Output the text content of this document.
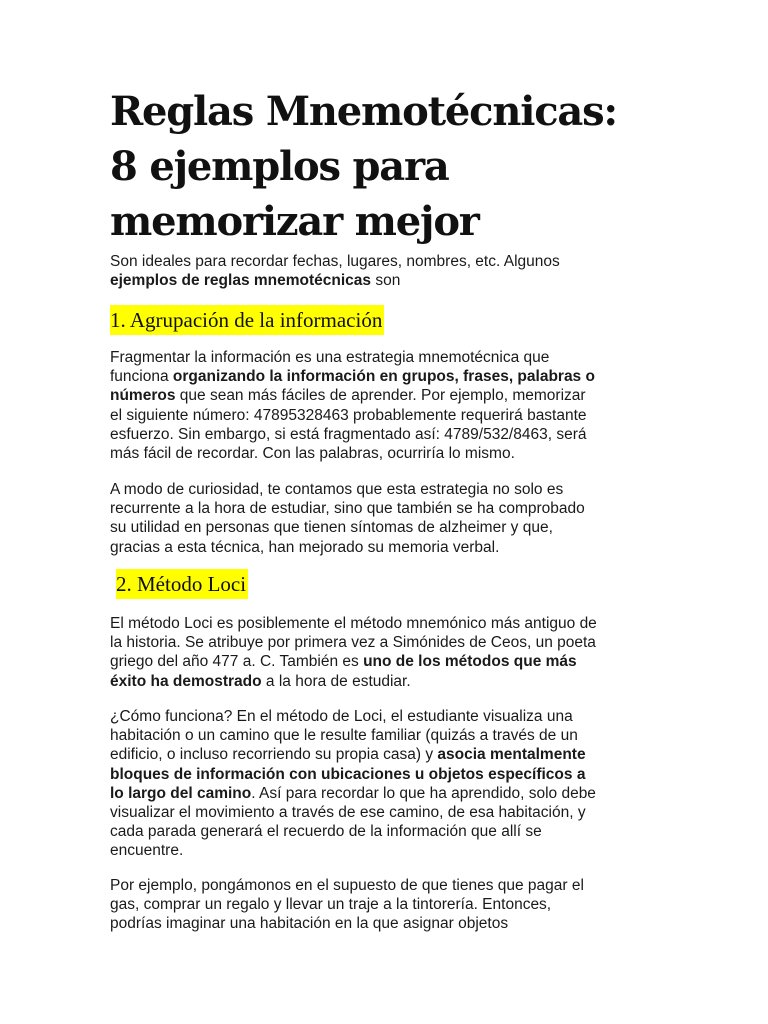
Reglas Mnemotécnicas:
8 ejemplos para
memorizar mejor
Son ideales para recordar fechas, lugares, nombres, etc. Algunos
ejemplos de reglas mnemotécnicas son
1. Agrupación de la información
Fragmentar la información es una estrategia mnemotécnica que
funciona organizando la información en grupos, frases, palabras o
números que sean más fáciles de aprender. Por ejemplo, memorizar
el siguiente número: 47895328463 probablemente requerirá bastante
esfuerzo. Sin embargo, si está fragmentado así: 4789/532/8463, será
más fácil de recordar. Con las palabras, ocurriría lo mismo.
A modo de curiosidad, te contamos que esta estrategia no solo es
recurrente a la hora de estudiar, sino que también se ha comprobado
su utilidad en personas que tienen síntomas de alzheimer y que,
gracias a esta técnica, han mejorado su memoria verbal.
2. Método Loci
El método Loci es posiblemente el método mnemónico más antiguo de
la historia. Se atribuye por primera vez a Simónides de Ceos, un poeta
griego del año 477 a. C. También es uno de los métodos que más
éxito ha demostrado a la hora de estudiar.
¿Cómo funciona? En el método de Loci, el estudiante visualiza una
habitación o un camino que le resulte familiar (quizás a través de un
edificio, o incluso recorriendo su propia casa) y asocia mentalmente
bloques de información con ubicaciones u objetos específicos a
lo largo del camino. Así para recordar lo que ha aprendido, solo debe
visualizar el movimiento a través de ese camino, de esa habitación, y
cada parada generará el recuerdo de la información que allí se
encuentre.
Por ejemplo, pongámonos en el supuesto de que tienes que pagar el
gas, comprar un regalo y llevar un traje a la tintorería. Entonces,
podrías imaginar una habitación en la que asignar objetos
